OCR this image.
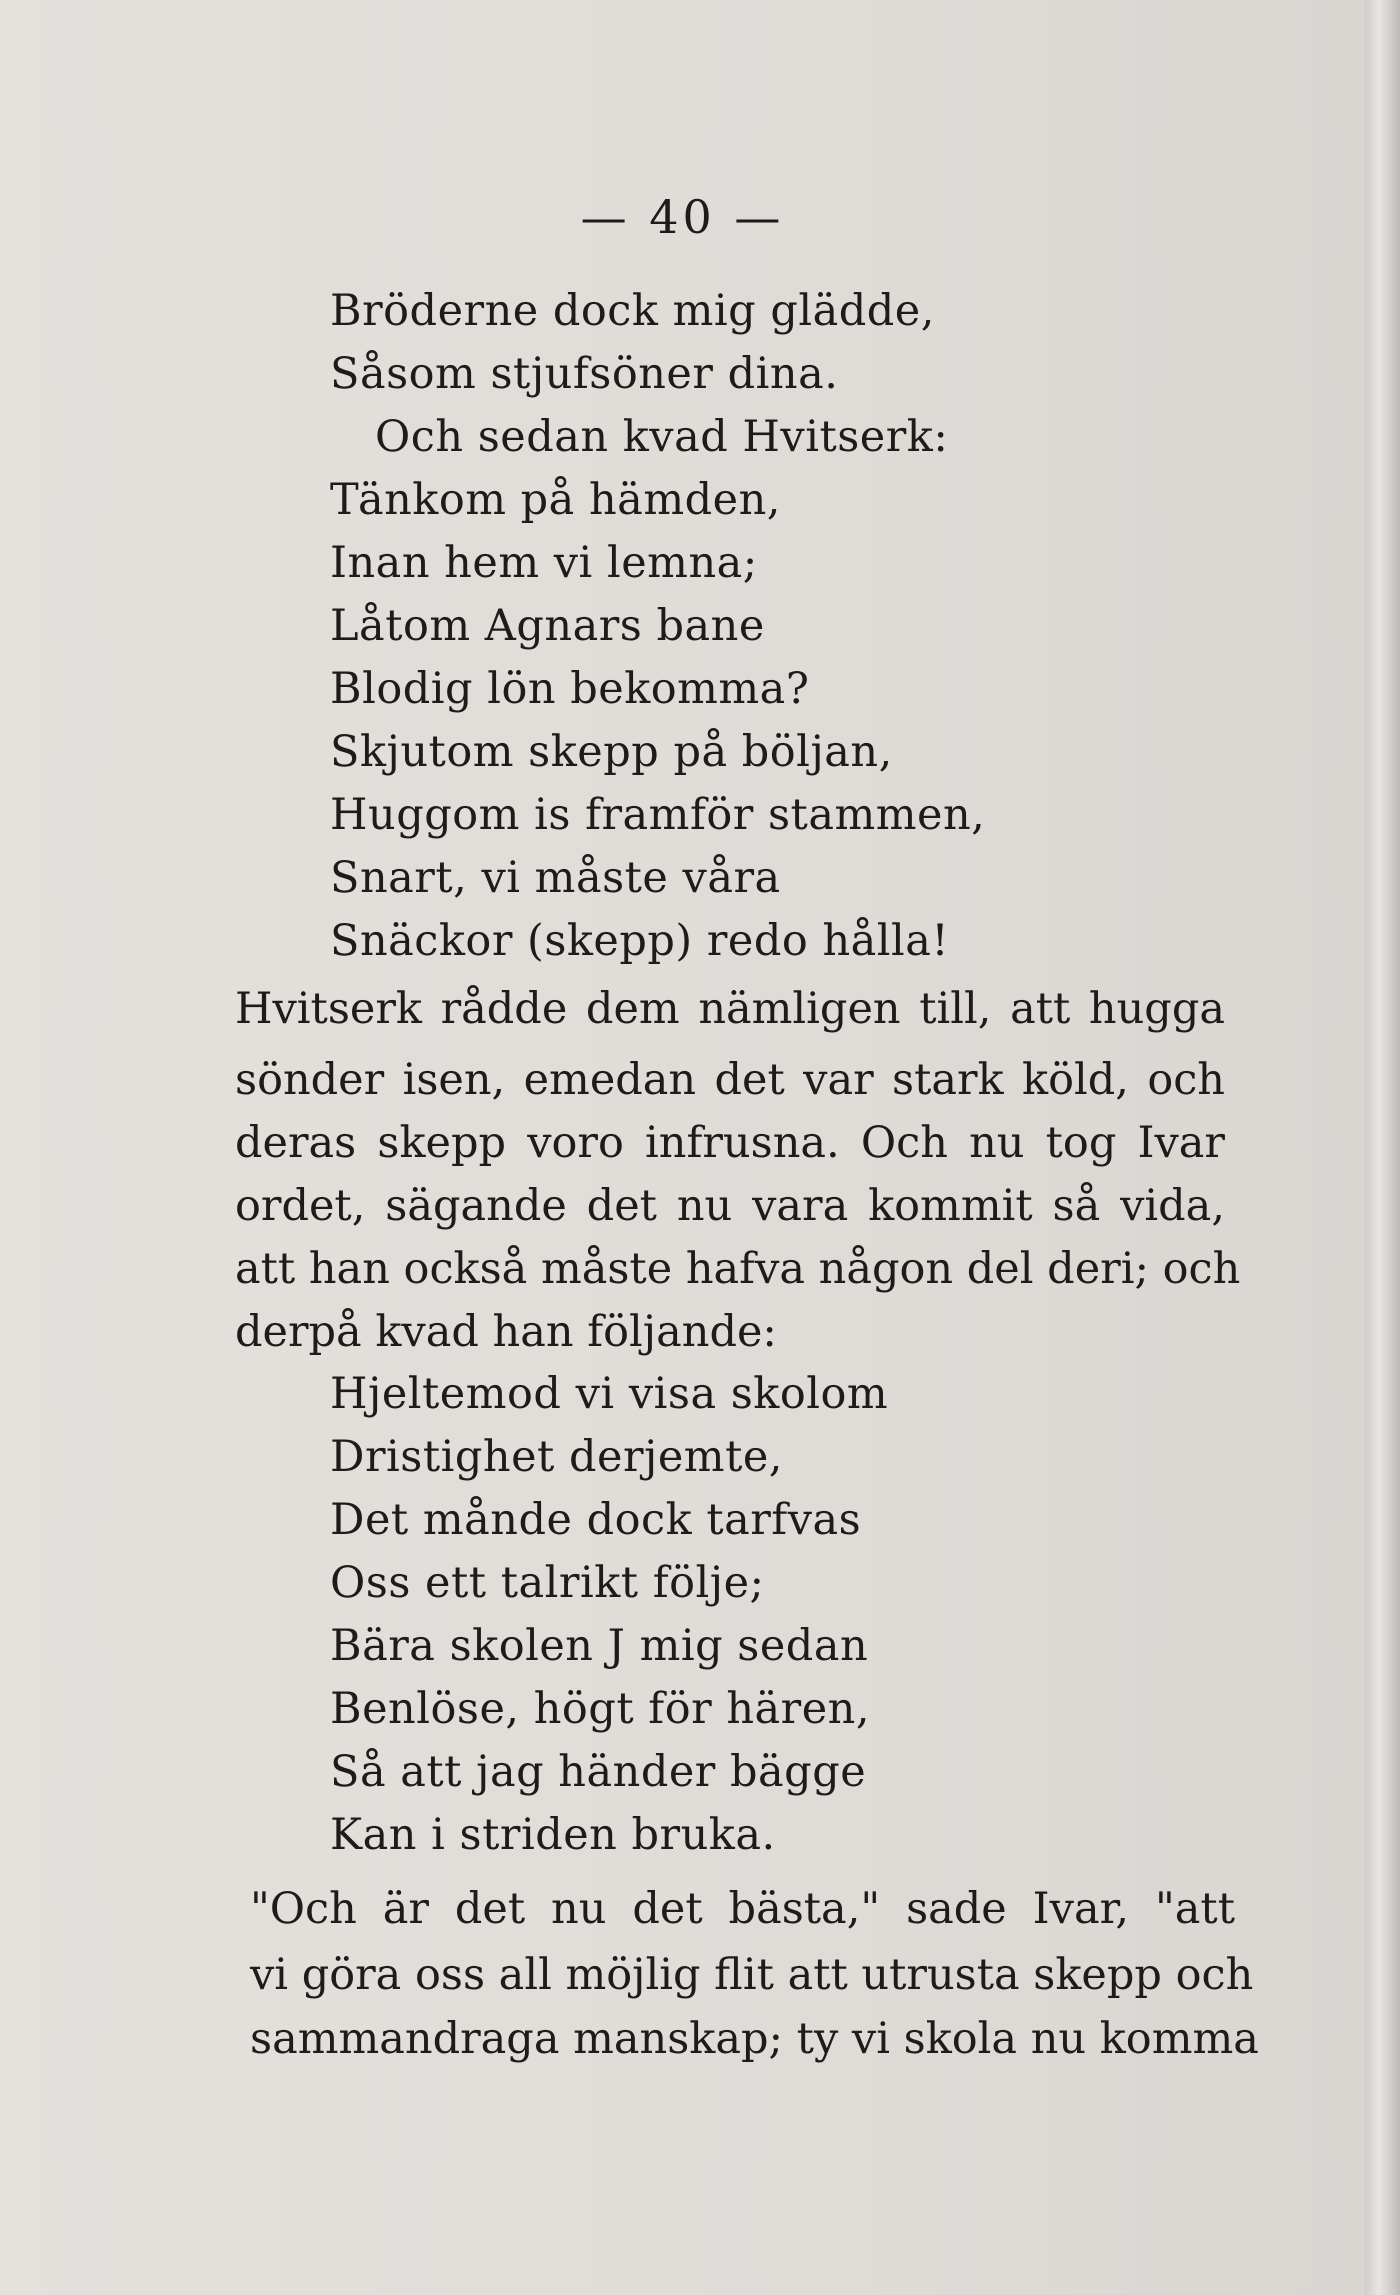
— 40 —
Bröderne dock mig glädde,
Såsom stjufsöner dina.
Och sedan kvad Hvitserk:
Tänkom på hämden,
Inan hem vi lemna;
Låtom Agnars bane
Blodig lön bekomma?
Skjutom skepp på böljan,
Huggom is framför stammen,
Snart, vi måste våra
Snäckor (skepp) redo hålla!
Hvitserk rådde dem nämligen till, att hugga
sönder isen, emedan det var stark köld, och
deras skepp voro infrusna. Och nu tog Ivar
ordet, sägande det nu vara kommit så vida,
att han också måste hafva någon del deri; och
derpå kvad han följande:
Hjeltemod vi visa skolom
Dristighet derjemte,
Det månde dock tarfvas
Oss ett talrikt följe;
Bära skolen J mig sedan
Benlöse, högt för hären,
Så att jag händer bägge
Kan i striden bruka.
"Och är det nu det bästa," sade Ivar, "att
vi göra oss all möjlig flit att utrusta skepp och
sammandraga manskap; ty vi skola nu komma
